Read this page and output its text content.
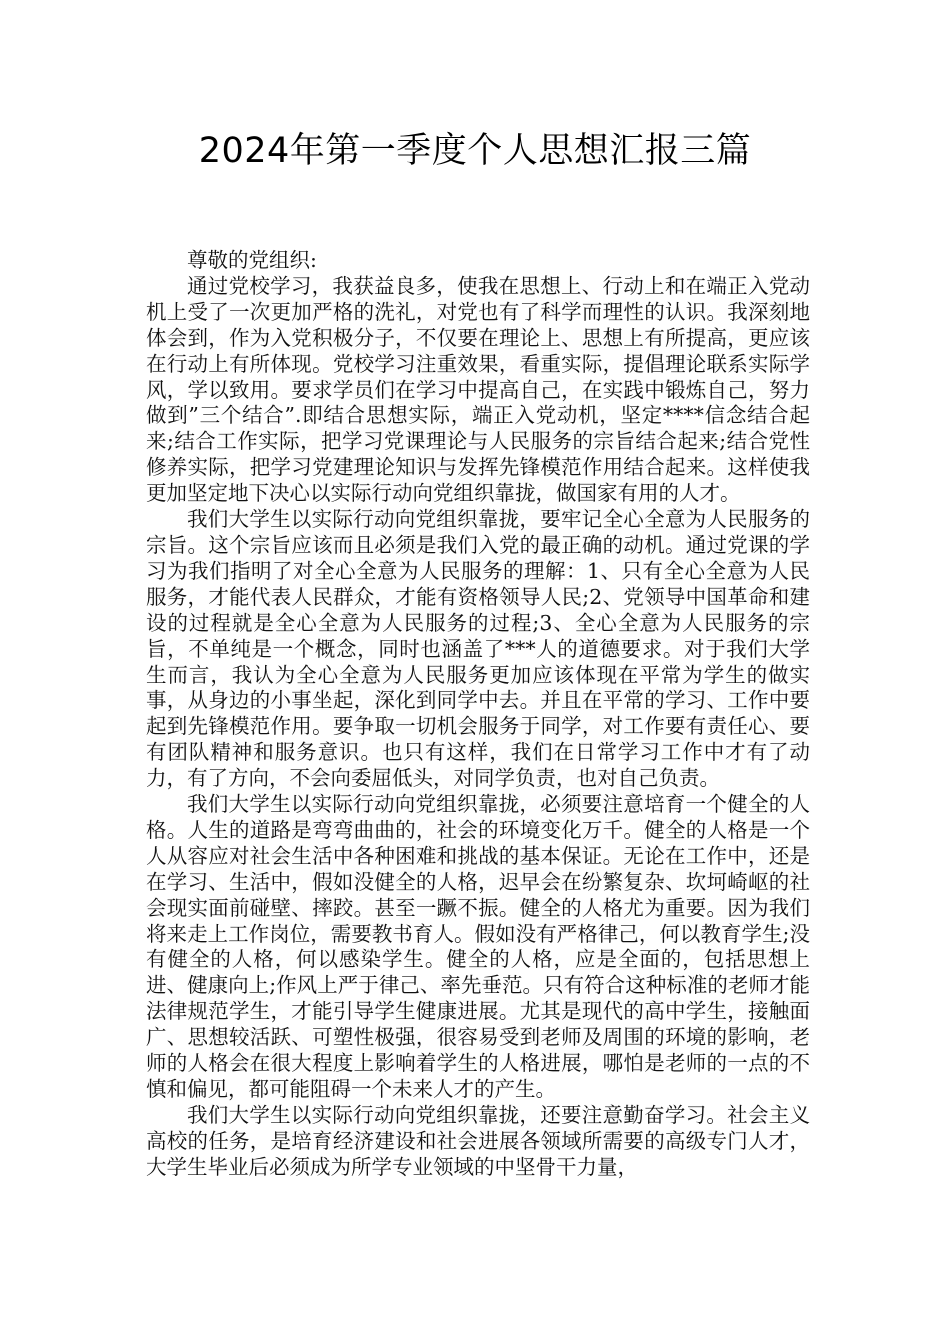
2024年第一季度个人思想汇报三篇

尊敬的党组织:

通过党校学习，我获益良多，使我在思想上、行动上和在端正入党动机上受了一次更加严格的洗礼，对党也有了科学而理性的认识。我深刻地体会到，作为入党积极分子，不仅要在理论上、思想上有所提高，更应该在行动上有所体现。党校学习注重效果，看重实际，提倡理论联系实际学风，学以致用。要求学员们在学习中提高自己，在实践中锻炼自己，努力做到”三个结合”.即结合思想实际，端正入党动机，坚定****信念结合起来;结合工作实际，把学习党课理论与人民服务的宗旨结合起来;结合党性修养实际，把学习党建理论知识与发挥先锋模范作用结合起来。这样使我更加坚定地下决心以实际行动向党组织靠拢，做国家有用的人才。

我们大学生以实际行动向党组织靠拢，要牢记全心全意为人民服务的宗旨。这个宗旨应该而且必须是我们入党的最正确的动机。通过党课的学习为我们指明了对全心全意为人民服务的理解：1、只有全心全意为人民服务，才能代表人民群众，才能有资格领导人民;2、党领导中国革命和建设的过程就是全心全意为人民服务的过程;3、全心全意为人民服务的宗旨，不单纯是一个概念，同时也涵盖了***人的道德要求。对于我们大学生而言，我认为全心全意为人民服务更加应该体现在平常为学生的做实事，从身边的小事坐起，深化到同学中去。并且在平常的学习、工作中要起到先锋模范作用。要争取一切机会服务于同学，对工作要有责任心、要有团队精神和服务意识。也只有这样，我们在日常学习工作中才有了动力，有了方向，不会向委屈低头，对同学负责，也对自己负责。

我们大学生以实际行动向党组织靠拢，必须要注意培育一个健全的人格。人生的道路是弯弯曲曲的，社会的环境变化万千。健全的人格是一个人从容应对社会生活中各种困难和挑战的基本保证。无论在工作中，还是在学习、生活中，假如没健全的人格，迟早会在纷繁复杂、坎坷崎岖的社会现实面前碰壁、摔跤。甚至一蹶不振。健全的人格尤为重要。因为我们将来走上工作岗位，需要教书育人。假如没有严格律己，何以教育学生;没有健全的人格，何以感染学生。健全的人格，应是全面的，包括思想上进、健康向上;作风上严于律己、率先垂范。只有符合这种标准的老师才能法律规范学生，才能引导学生健康进展。尤其是现代的高中学生，接触面广、思想较活跃、可塑性极强，很容易受到老师及周围的环境的影响，老师的人格会在很大程度上影响着学生的人格进展，哪怕是老师的一点的不慎和偏见，都可能阻碍一个未来人才的产生。

我们大学生以实际行动向党组织靠拢，还要注意勤奋学习。社会主义高校的任务，是培育经济建设和社会进展各领域所需要的高级专门人才，大学生毕业后必须成为所学专业领域的中坚骨干力量，
